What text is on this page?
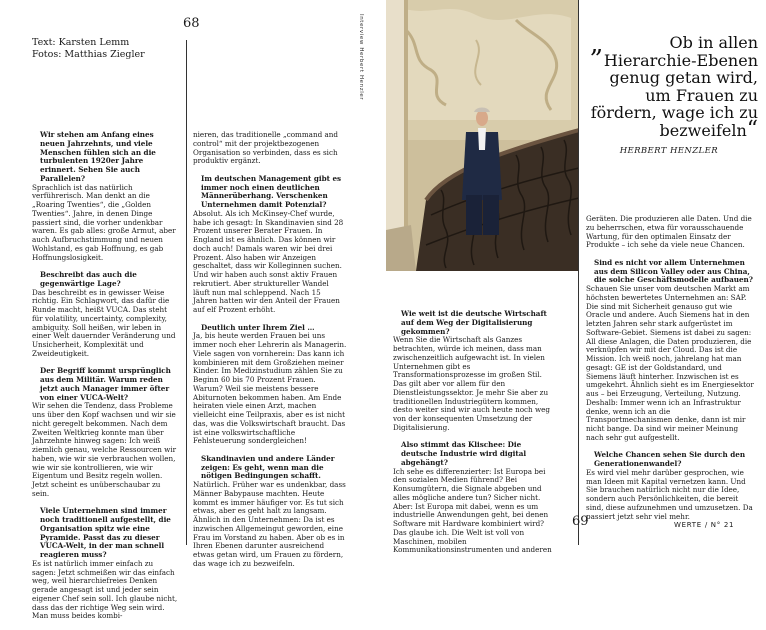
68
Text: Karsten Lemm
Fotos: Matthias Ziegler

Wir stehen am Anfang eines neuen Jahrzehnts, und viele Menschen fühlen sich an die turbulenten 1920er Jahre erinnert. Sehen Sie auch Parallelen?

Sprachlich ist das natürlich verführerisch. Man denkt an die „Roaring Twenties“, die „Golden Twenties“. Jahre, in denen Dinge passiert sind, die vorher undenkbar waren. Es gab alles: große Armut, aber auch Aufbruchstimmung und neuen Wohlstand, es gab Hoffnung, es gab Hoffnungslosigkeit.

Beschreibt das auch die gegenwärtige Lage?

Das beschreibt es in gewisser Weise richtig. Ein Schlagwort, das dafür die Runde macht, heißt VUCA. Das steht für volatility, uncertainty, complexity, ambiguity. Soll heißen, wir leben in einer Welt dauernder Veränderung und Unsicherheit, Komplexität und Zweideutigkeit.

Der Begriff kommt ursprünglich aus dem Militär. Warum reden jetzt auch Manager immer öfter von einer VUCA-Welt?

Wir sehen die Tendenz, dass Probleme uns über den Kopf wachsen und wir sie nicht geregelt bekommen. Nach dem Zweiten Weltkrieg konnte man über Jahrzehnte hinweg sagen: Ich weiß ziemlich genau, welche Ressourcen wir haben, wie wir sie verbrauchen wollen, wie wir sie kontrollieren, wie wir Eigentum und Besitz regeln wollen. Jetzt scheint es unüberschaubar zu sein.

Viele Unternehmen sind immer noch traditionell aufgestellt, die Organisation spitz wie eine Pyramide. Passt das zu dieser VUCA-Welt, in der man schnell reagieren muss?

Es ist natürlich immer einfach zu sagen: Jetzt schmeißen wir das einfach weg, weil hierarchiefreies Denken gerade angesagt ist und jeder sein eigener Chef sein soll. Ich glaube nicht, dass das der richtige Weg sein wird. Man muss beides kombi-

nieren, das traditionelle „command and control“ mit der projektbezogenen Organisation so verbinden, dass es sich produktiv ergänzt.

Im deutschen Management gibt es immer noch einen deutlichen Männerüberhang. Verschenken Unternehmen damit Potenzial?

Absolut. Als ich McKinsey-Chef wurde, habe ich gesagt: In Skandinavien sind 28 Prozent unserer Berater Frauen. In England ist es ähnlich. Das können wir doch auch! Damals waren wir bei drei Prozent. Also haben wir Anzeigen geschaltet, dass wir Kolleginnen suchen. Und wir haben auch sonst aktiv Frauen rekrutiert. Aber struktureller Wandel läuft nun mal schleppend. Nach 15 Jahren hatten wir den Anteil der Frauen auf elf Prozent erhöht.

Deutlich unter Ihrem Ziel …

Ja, bis heute werden Frauen bei uns immer noch eher Lehrerin als Managerin. Viele sagen von vornherein: Das kann ich kombinieren mit dem Großziehen meiner Kinder. Im Medizinstudium zählen Sie zu Beginn 60 bis 70 Prozent Frauen. Warum? Weil sie meistens bessere Abiturnoten bekommen haben. Am Ende heiraten viele einen Arzt, machen vielleicht eine Teilpraxis, aber es ist nicht das, was die Volkswirtschaft braucht. Das ist eine volkswirtschaftliche Fehlsteuerung sondergleichen!

Skandinavien und andere Länder zeigen: Es geht, wenn man die nötigen Bedingungen schafft.

Natürlich. Früher war es undenkbar, dass Männer Babypause machten. Heute kommt es immer häufiger vor. Es tut sich etwas, aber es geht halt zu langsam. Ähnlich in den Unternehmen: Da ist es inzwischen Allgemeingut geworden, eine Frau im Vorstand zu haben. Aber ob es in Ihren Ebenen darunter ausreichend etwas getan wird, um Frauen zu fördern, das wage ich zu bezweifeln.

Interview Herbert Henzler	„	Ob in allen Hierarchie-Ebenen genug getan wird, um Frauen zu fördern, wage ich zu bezweifeln“
HERBERT HENZLER

Wie weit ist die deutsche Wirtschaft auf dem Weg der Digitalisierung gekommen?

Wenn Sie die Wirtschaft als Ganzes betrachten, würde ich meinen, dass man zwischenzeitlich aufgewacht ist. In vielen Unternehmen gibt es Transformationsprozesse im großen Stil. Das gilt aber vor allem für den Dienstleistungssektor. Je mehr Sie aber zu traditionellen Industriegütern kommen, desto weiter sind wir auch heute noch weg von der konsequenten Umsetzung der Digitalisierung.

Also stimmt das Klischee: Die deutsche Industrie wird digital abgehängt?

Ich sehe es differenzierter: Ist Europa bei den sozialen Medien führend? Bei Konsumgütern, die Signale abgeben und alles mögliche andere tun? Sicher nicht. Aber: Ist Europa mit dabei, wenn es um industrielle Anwendungen geht, bei denen Software mit Hardware kombiniert wird? Das glaube ich. Die Welt ist voll von Maschinen, mobilen Kommunikationsinstrumenten und anderen

Geräten. Die produzieren alle Daten. Und die zu beherrschen, etwa für vorausschauende Wartung, für den optimalen Einsatz der Produkte – ich sehe da viele neue Chancen.

Sind es nicht vor allem Unternehmen aus dem Silicon Valley oder aus China, die solche Geschäftsmodelle aufbauen?

Schauen Sie unser vom deutschen Markt am höchsten bewertetes Unternehmen an: SAP. Die sind mit Sicherheit genauso gut wie Oracle und andere. Auch Siemens hat in den letzten Jahren sehr stark aufgerüstet im Software-Gebiet. Siemens ist dabei zu sagen: All diese Anlagen, die Daten produzieren, die verknüpfen wir mit der Cloud. Das ist die Mission. Ich weiß noch, jahrelang hat man gesagt: GE ist der Goldstandard, und Siemens läuft hinterher. Inzwischen ist es umgekehrt. Ähnlich sieht es im Energiesektor aus – bei Erzeugung, Verteilung, Nutzung. Deshalb: Immer wenn ich an Infrastruktur denke, wenn ich an die Transportmechanismen denke, dann ist mir nicht bange. Da sind wir meiner Meinung nach sehr gut aufgestellt.

Welche Chancen sehen Sie durch den Generationenwandel?

Es wird viel mehr darüber gesprochen, wie man Ideen mit Kapital vernetzen kann. Und Sie brauchen natürlich nicht nur die Idee, sondern auch Persönlichkeiten, die bereit sind, diese aufzunehmen und umzusetzen. Da passiert jetzt sehr viel mehr.

69	WERTE / N° 21
